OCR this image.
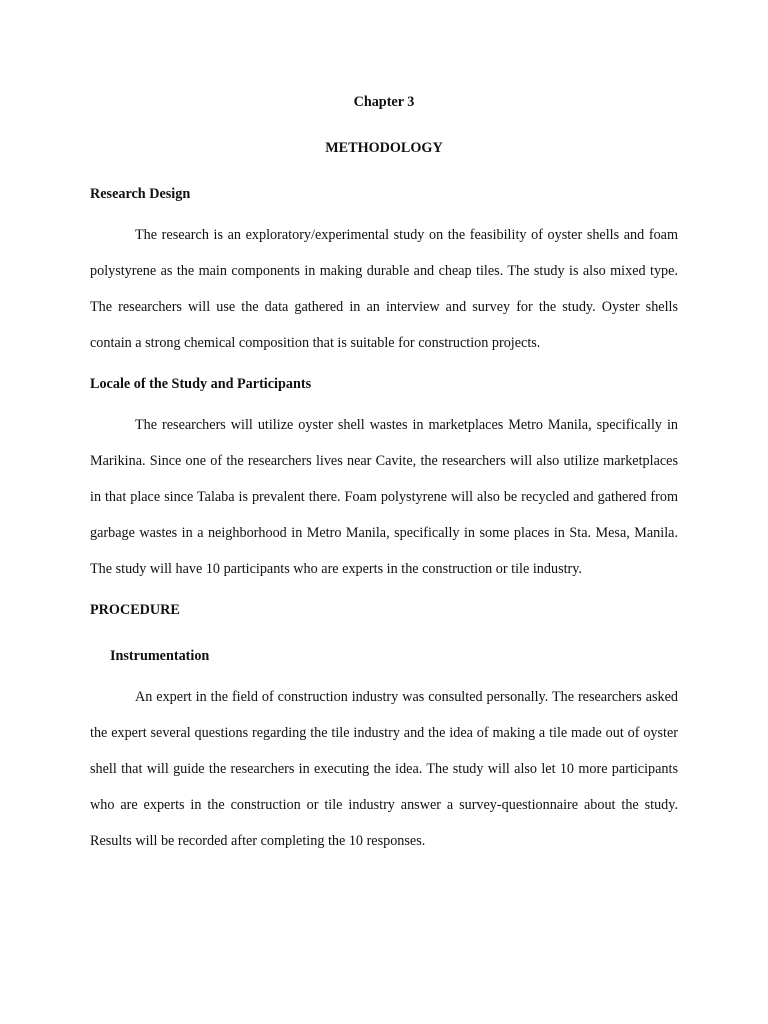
Chapter 3

METHODOLOGY

Research Design

The research is an exploratory/experimental study on the feasibility of oyster shells and foam polystyrene as the main components in making durable and cheap tiles. The study is also mixed type. The researchers will use the data gathered in an interview and survey for the study. Oyster shells contain a strong chemical composition that is suitable for construction projects.

Locale of the Study and Participants

The researchers will utilize oyster shell wastes in marketplaces Metro Manila, specifically in Marikina. Since one of the researchers lives near Cavite, the researchers will also utilize marketplaces in that place since Talaba is prevalent there. Foam polystyrene will also be recycled and gathered from garbage wastes in a neighborhood in Metro Manila, specifically in some places in Sta. Mesa, Manila. The study will have 10 participants who are experts in the construction or tile industry.

PROCEDURE

Instrumentation

An expert in the field of construction industry was consulted personally. The researchers asked the expert several questions regarding the tile industry and the idea of making a tile made out of oyster shell that will guide the researchers in executing the idea. The study will also let 10 more participants who are experts in the construction or tile industry answer a survey-questionnaire about the study. Results will be recorded after completing the 10 responses.
